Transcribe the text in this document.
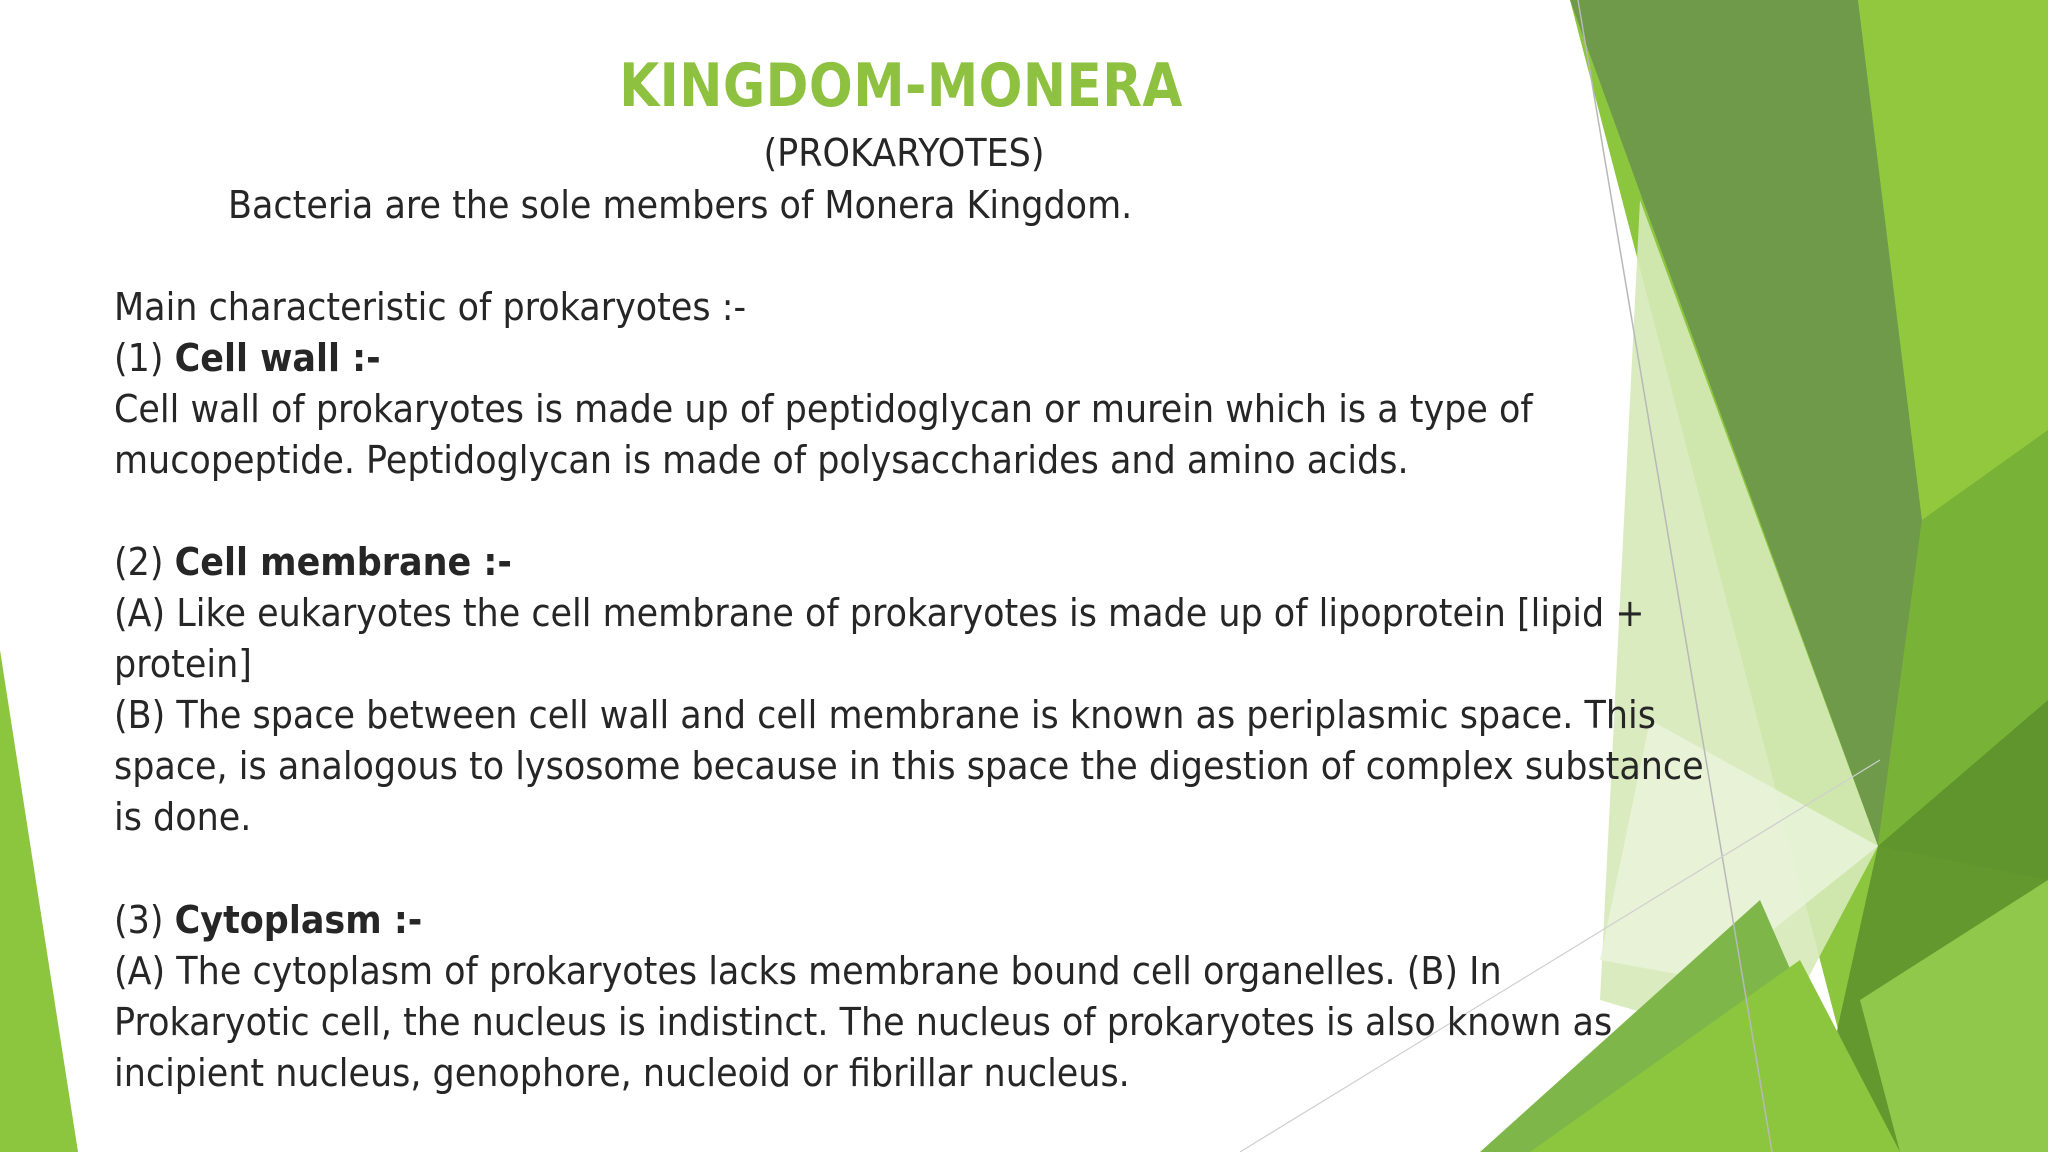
KINGDOM-MONERA
(PROKARYOTES)
Bacteria are the sole members of Monera Kingdom.
Main characteristic of prokaryotes :-
(1) Cell wall :-
Cell wall of prokaryotes is made up of peptidoglycan or murein which is a type of
mucopeptide. Peptidoglycan is made of polysaccharides and amino acids.
(2) Cell membrane :-
(A) Like eukaryotes the cell membrane of prokaryotes is made up of lipoprotein [lipid +
protein]
(B) The space between cell wall and cell membrane is known as periplasmic space. This
space, is analogous to lysosome because in this space the digestion of complex substance
is done.
(3) Cytoplasm :-
(A) The cytoplasm of prokaryotes lacks membrane bound cell organelles. (B) In
Prokaryotic cell, the nucleus is indistinct. The nucleus of prokaryotes is also known as
incipient nucleus, genophore, nucleoid or fibrillar nucleus.
